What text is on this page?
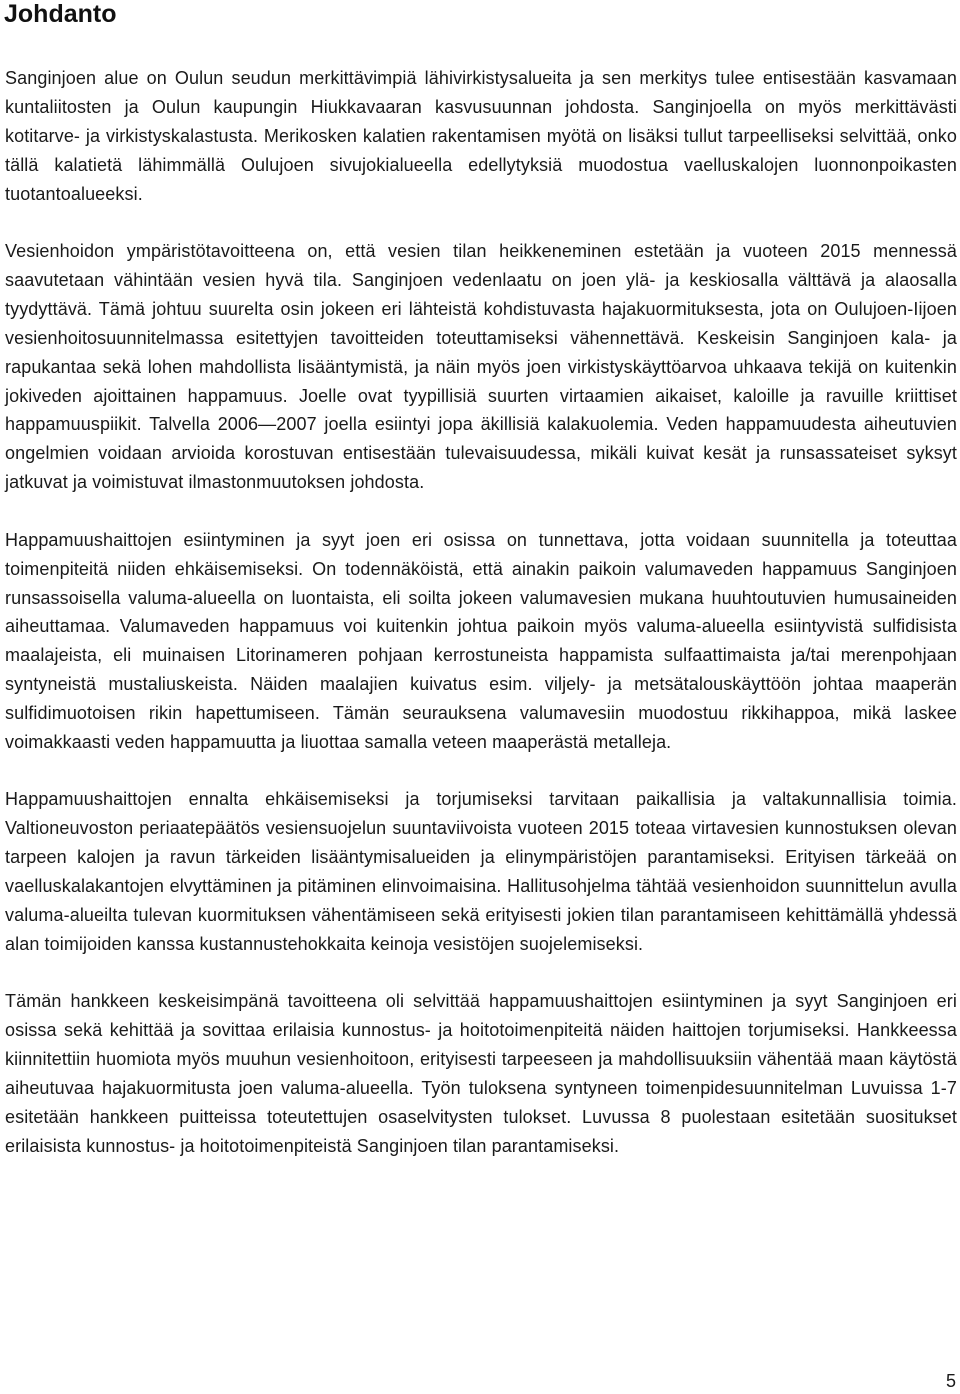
Johdanto

Sanginjoen alue on Oulun seudun merkittävimpiä lähivirkistysalueita ja sen merkitys tulee entisestään kasvamaan kuntaliitosten ja Oulun kaupungin Hiukkavaaran kasvusuunnan johdosta. Sanginjoella on myös merkittävästi kotitarve- ja virkistyskalastusta. Merikosken kalatien rakentamisen myötä on lisäksi tullut tarpeelliseksi selvittää, onko tällä kalatietä lähimmällä Oulujoen sivujokialueella edellytyksiä muodostua vaelluskalojen luonnonpoikasten tuotantoalueeksi.

Vesienhoidon ympäristötavoitteena on, että vesien tilan heikkeneminen estetään ja vuoteen 2015 mennessä saavutetaan vähintään vesien hyvä tila. Sanginjoen vedenlaatu on joen ylä- ja keskiosalla välttävä ja alaosalla tyydyttävä. Tämä johtuu suurelta osin jokeen eri lähteistä kohdistuvasta hajakuormituksesta, jota on Oulujoen-Iijoen vesienhoitosuunnitelmassa esitettyjen tavoitteiden toteuttamiseksi vähennettävä. Keskeisin Sanginjoen kala- ja rapukantaa sekä lohen mahdollista lisääntymistä, ja näin myös joen virkistyskäyttöarvoa uhkaava tekijä on kuitenkin jokiveden ajoittainen happamuus. Joelle ovat tyypillisiä suurten virtaamien aikaiset, kaloille ja ravuille kriittiset happamuuspiikit. Talvella 2006—2007 joella esiintyi jopa äkillisiä kalakuolemia. Veden happamuudesta aiheutuvien ongelmien voidaan arvioida korostuvan entisestään tulevaisuudessa, mikäli kuivat kesät ja runsassateiset syksyt jatkuvat ja voimistuvat ilmastonmuutoksen johdosta.

Happamuushaittojen esiintyminen ja syyt joen eri osissa on tunnettava, jotta voidaan suunnitella ja toteuttaa toimenpiteitä niiden ehkäisemiseksi. On todennäköistä, että ainakin paikoin valumaveden happamuus Sanginjoen runsassoisella valuma-alueella on luontaista, eli soilta jokeen valumavesien mukana huuhtoutuvien humusaineiden aiheuttamaa. Valumaveden happamuus voi kuitenkin johtua paikoin myös valuma-alueella esiintyvistä sulfidisista maalajeista, eli muinaisen Litorinameren pohjaan kerrostuneista happamista sulfaattimaista ja/tai merenpohjaan syntyneistä mustaliuskeista. Näiden maalajien kuivatus esim. viljely- ja metsätalouskäyttöön johtaa maaperän sulfidimuotoisen rikin hapettumiseen. Tämän seurauksena valumavesiin muodostuu rikkihappoa, mikä laskee voimakkaasti veden happamuutta ja liuottaa samalla veteen maaperästä metalleja.

Happamuushaittojen ennalta ehkäisemiseksi ja torjumiseksi tarvitaan paikallisia ja valtakunnallisia toimia. Valtioneuvoston periaatepäätös vesiensuojelun suuntaviivoista vuoteen 2015 toteaa virtavesien kunnostuksen olevan tarpeen kalojen ja ravun tärkeiden lisääntymisalueiden ja elinympäristöjen parantamiseksi. Erityisen tärkeää on vaelluskalakantojen elvyttäminen ja pitäminen elinvoimaisina. Hallitusohjelma tähtää vesienhoidon suunnittelun avulla valuma-alueilta tulevan kuormituksen vähentämiseen sekä erityisesti jokien tilan parantamiseen kehittämällä yhdessä alan toimijoiden kanssa kustannustehokkaita keinoja vesistöjen suojelemiseksi.

Tämän hankkeen keskeisimpänä tavoitteena oli selvittää happamuushaittojen esiintyminen ja syyt Sanginjoen eri osissa sekä kehittää ja sovittaa erilaisia kunnostus- ja hoitotoimenpiteitä näiden haittojen torjumiseksi. Hankkeessa kiinnitettiin huomiota myös muuhun vesienhoitoon, erityisesti tarpeeseen ja mahdollisuuksiin vähentää maan käytöstä aiheutuvaa hajakuormitusta joen valuma-alueella. Työn tuloksena syntyneen toimenpidesuunnitelman Luvuissa 1-7 esitetään hankkeen puitteissa toteutettujen osaselvitysten tulokset. Luvussa 8 puolestaan esitetään suositukset erilaisista kunnostus- ja hoitotoimenpiteistä Sanginjoen tilan parantamiseksi.

5
